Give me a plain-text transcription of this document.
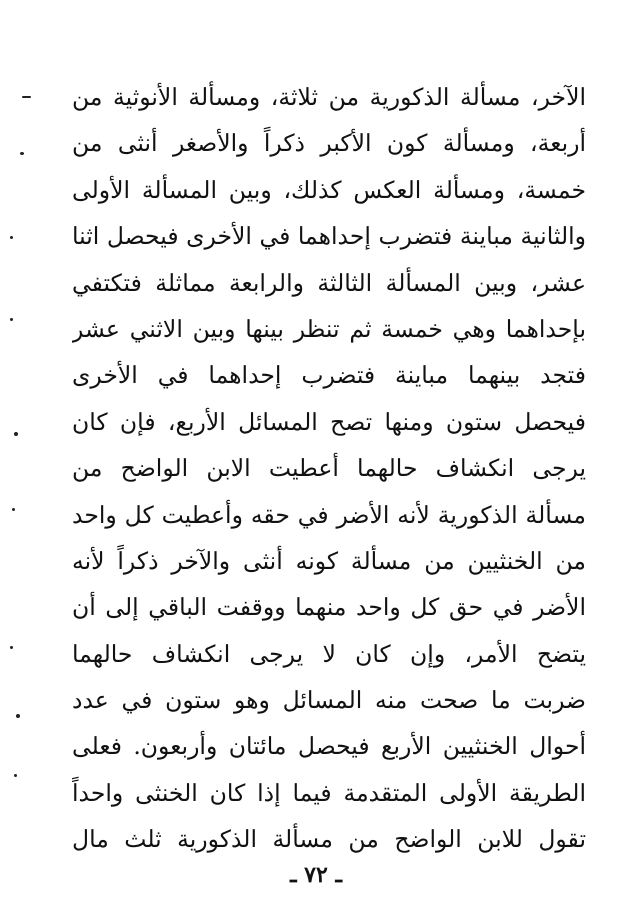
الآخر، مسألة الذكورية من ثلاثة، ومسألة الأنوثية من
أربعة، ومسألة كون الأكبر ذكراً والأصغر أنثى من
خمسة، ومسألة العكس كذلك، وبين المسألة الأولى
والثانية مباينة فتضرب إحداهما في الأخرى فيحصل اثنا
عشر، وبين المسألة الثالثة والرابعة مماثلة فتكتفي
بإحداهما وهي خمسة ثم تنظر بينها وبين الاثني عشر
فتجد بينهما مباينة فتضرب إحداهما في الأخرى
فيحصل ستون ومنها تصح المسائل الأربع، فإن كان
يرجى انكشاف حالهما أعطيت الابن الواضح من
مسألة الذكورية لأنه الأضر في حقه وأعطيت كل واحد
من الخنثيين من مسألة كونه أنثى والآخر ذكراً لأنه
الأضر في حق كل واحد منهما ووقفت الباقي إلى أن
يتضح الأمر، وإن كان لا يرجى انكشاف حالهما
ضربت ما صحت منه المسائل وهو ستون في عدد
أحوال الخنثيين الأربع فيحصل مائتان وأربعون. فعلى
الطريقة الأولى المتقدمة فيما إذا كان الخنثى واحداً
تقول للابن الواضح من مسألة الذكورية ثلث مال
ـ ٧٢ ـ
